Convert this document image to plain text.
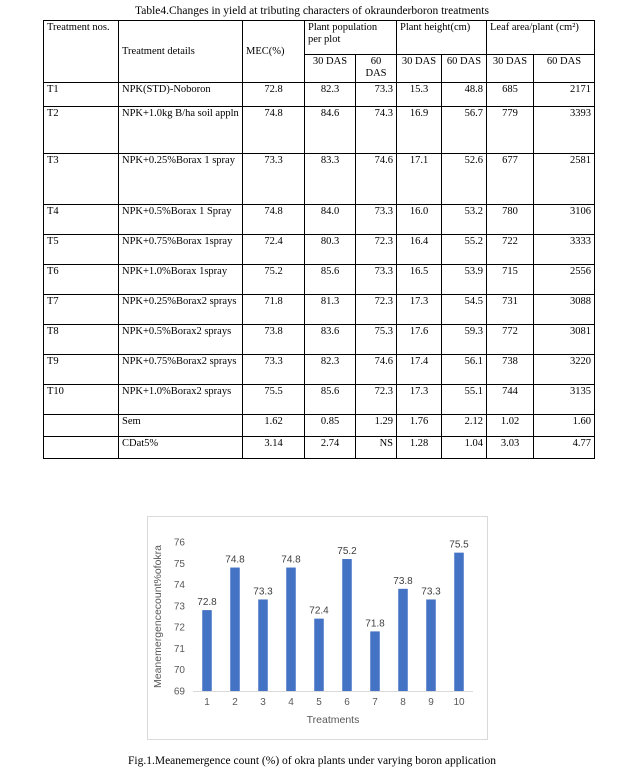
Table4.Changes in yield at tributing characters of okraunderboron treatments
Treatment nos.	Treatment details	MEC(%)	Plant population per plot		Plant height(cm)		Leaf area/plant (cm²)	
			30 DAS	60 DAS	30 DAS	60 DAS	30 DAS	60 DAS
T1	NPK(STD)-Noboron	72.8	82.3	73.3	15.3	48.8	685	2171
T2	NPK+1.0kg B/ha soil appln	74.8	84.6	74.3	16.9	56.7	779	3393
T3	NPK+0.25%Borax 1 spray	73.3	83.3	74.6	17.1	52.6	677	2581
T4	NPK+0.5%Borax 1 Spray	74.8	84.0	73.3	16.0	53.2	780	3106
T5	NPK+0.75%Borax 1spray	72.4	80.3	72.3	16.4	55.2	722	3333
T6	NPK+1.0%Borax 1spray	75.2	85.6	73.3	16.5	53.9	715	2556
T7	NPK+0.25%Borax2 sprays	71.8	81.3	72.3	17.3	54.5	731	3088
T8	NPK+0.5%Borax2 sprays	73.8	83.6	75.3	17.6	59.3	772	3081
T9	NPK+0.75%Borax2 sprays	73.3	82.3	74.6	17.4	56.1	738	3220
T10	NPK+1.0%Borax2 sprays	75.5	85.6	72.3	17.3	55.1	744	3135
	Sem	1.62	0.85	1.29	1.76	2.12	1.02	1.60
	CDat5%	3.14	2.74	NS	1.28	1.04	3.03	4.77
69
70
71
72
73
74
75
76
72.8
1
74.8
2
73.3
3
74.8
4
72.4
5
75.2
6
71.8
7
73.8
8
73.3
9
75.5
10
Treatments
Meanemergencecount%ofokra
Fig.1.Meanemergence count (%) of okra plants under varying boron application
